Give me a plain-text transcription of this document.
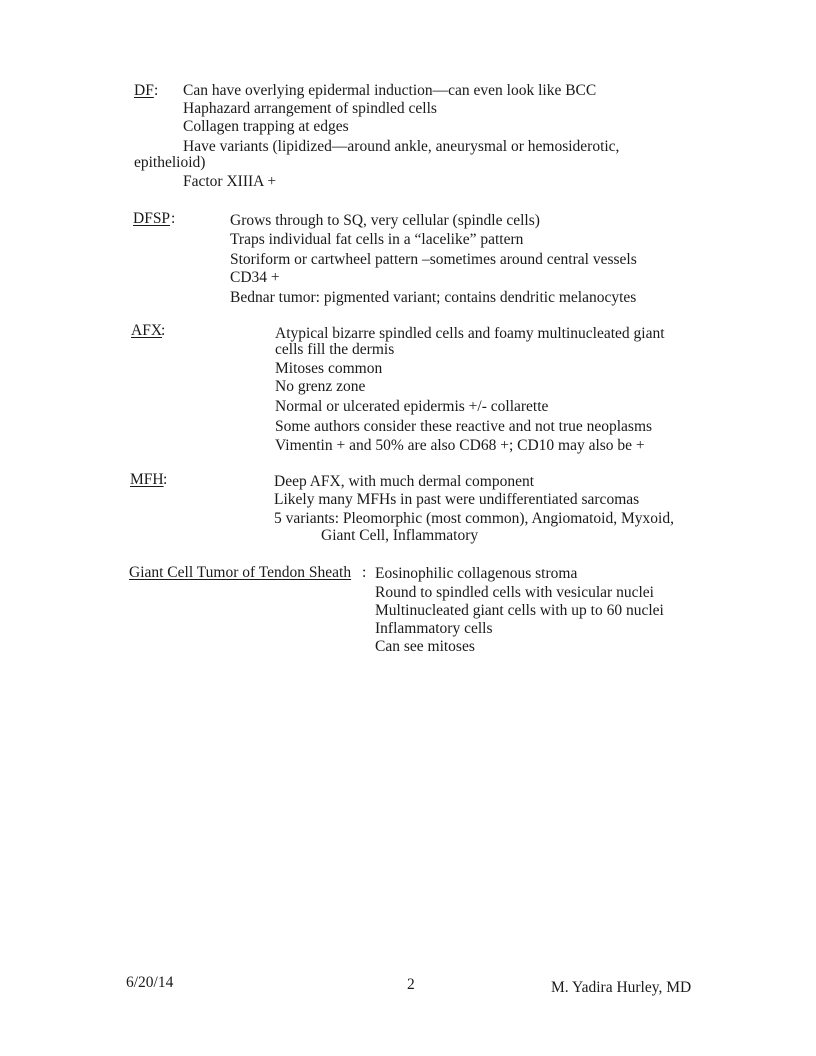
DF : Can have overlying epidermal induction—can even look like BCC
Haphazard arrangement of spindled cells
Collagen trapping at edges
Have variants (lipidized—around ankle, aneurysmal or hemosiderotic,
epithelioid)
Factor XIIIA +
DFSP :	Grows through to SQ, very cellular (spindle cells)
Traps individual fat cells in a “lacelike” pattern
Storiform or cartwheel pattern –sometimes around central vessels
CD34 +
Bednar tumor: pigmented variant; contains dendritic melanocytes
AFX
:	Atypical bizarre spindled cells and foamy multinucleated giant
cells fill the dermis
Mitoses common
No grenz zone
Normal or ulcerated epidermis +/- collarette
Some authors consider these reactive and not true neoplasms
Vimentin + and 50% are also CD68 +; CD10 may also be +
MFH :	Deep AFX, with much dermal component
Likely many MFHs in past were undifferentiated sarcomas
5 variants: Pleomorphic (most common), Angiomatoid, Myxoid,
Giant Cell, Inflammatory
Giant Cell Tumor of Tendon Sheath : Eosinophilic collagenous stroma
Round to spindled cells with vesicular nuclei
Multinucleated giant cells with up to 60 nuclei
Inflammatory cells
Can see mitoses
6/20/14	2	M. Yadira Hurley, MD
